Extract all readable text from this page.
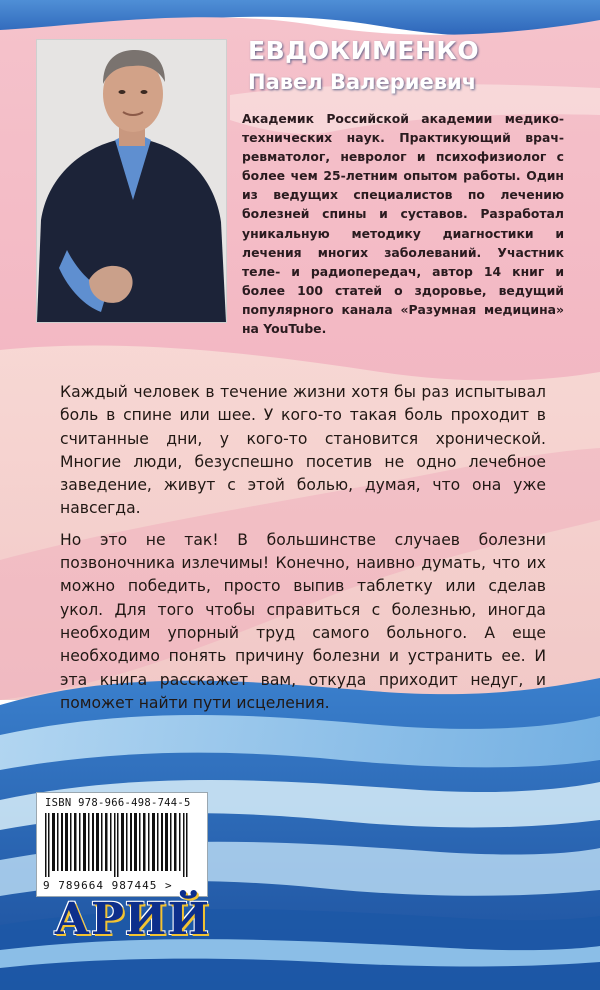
ЕВДОКИМЕНКО
Павел Валериевич

Академик Российской академии медико-технических наук. Практикующий врач-ревматолог, невролог и психофизиолог с более чем 25-летним опытом работы. Один из ведущих специалистов по лечению болезней спины и суставов. Разработал уникальную методику диагностики и лечения многих заболеваний. Участник теле- и радиопередач, автор 14 книг и более 100 статей о здоровье, ведущий популярного канала «Разумная медицина» на YouTube.

Каждый человек в течение жизни хотя бы раз испытывал боль в спине или шее. У кого-то такая боль проходит в считанные дни, у кого-то становится хронической. Многие люди, безуспешно посетив не одно лечебное заведение, живут с этой болью, думая, что она уже навсегда.

Но это не так! В большинстве случаев болезни позвоночника излечимы! Конечно, наивно думать, что их можно победить, просто выпив таблетку или сделав укол. Для того чтобы справиться с болезнью, иногда необходим упорный труд самого больного. А еще необходимо понять причину болезни и устранить ее. И эта книга расскажет вам, откуда приходит недуг, и поможет найти пути исцеления.

ISBN 978-966-498-744-5
9 789664 987445 >
АРИЙ
